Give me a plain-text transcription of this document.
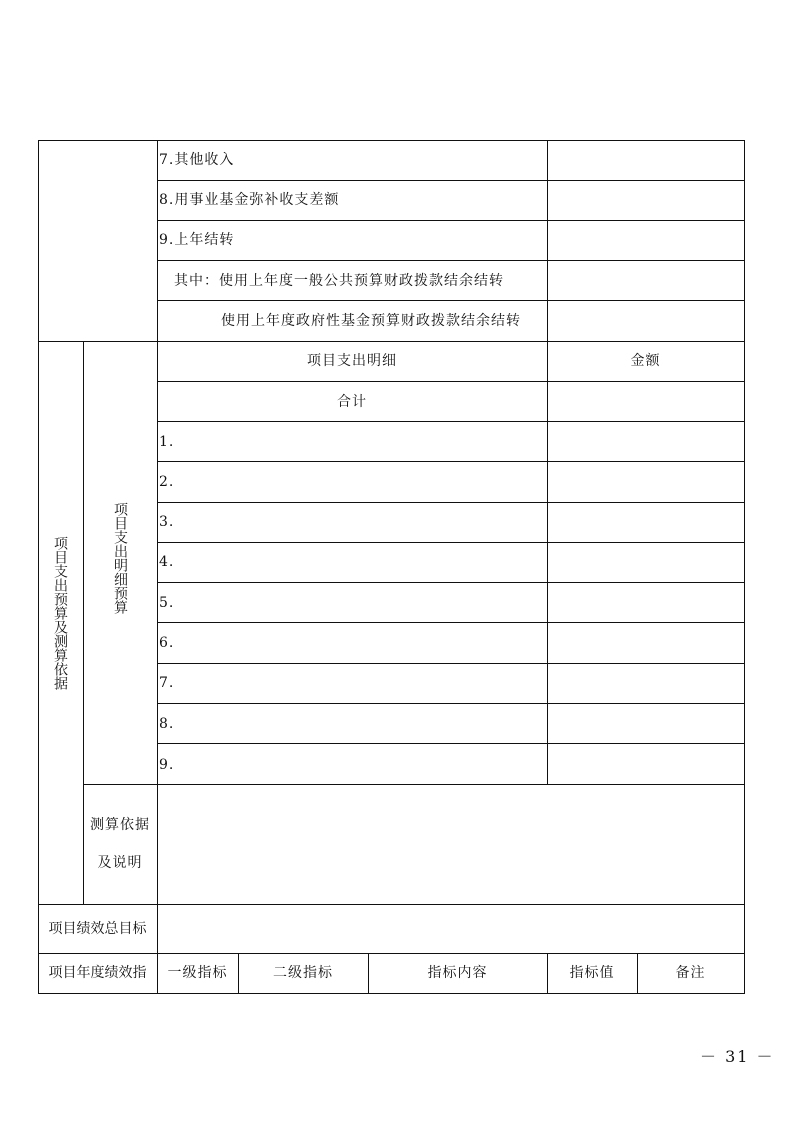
7.其他收入
8.用事业基金弥补收支差额
9.上年结转
其中：使用上年度一般公共预算财政拨款结余结转
使用上年度政府性基金预算财政拨款结余结转
项目支出预算及测算依据	项目支出明细预算
项目支出明细	金额
合计
1.
2.
3.
4.
5.
6.
7.
8.
9.
测算依据
及说明
项目绩效总目标
项目年度绩效指	一级指标	二级指标	指标内容	指标值	备注
－ 31 －
